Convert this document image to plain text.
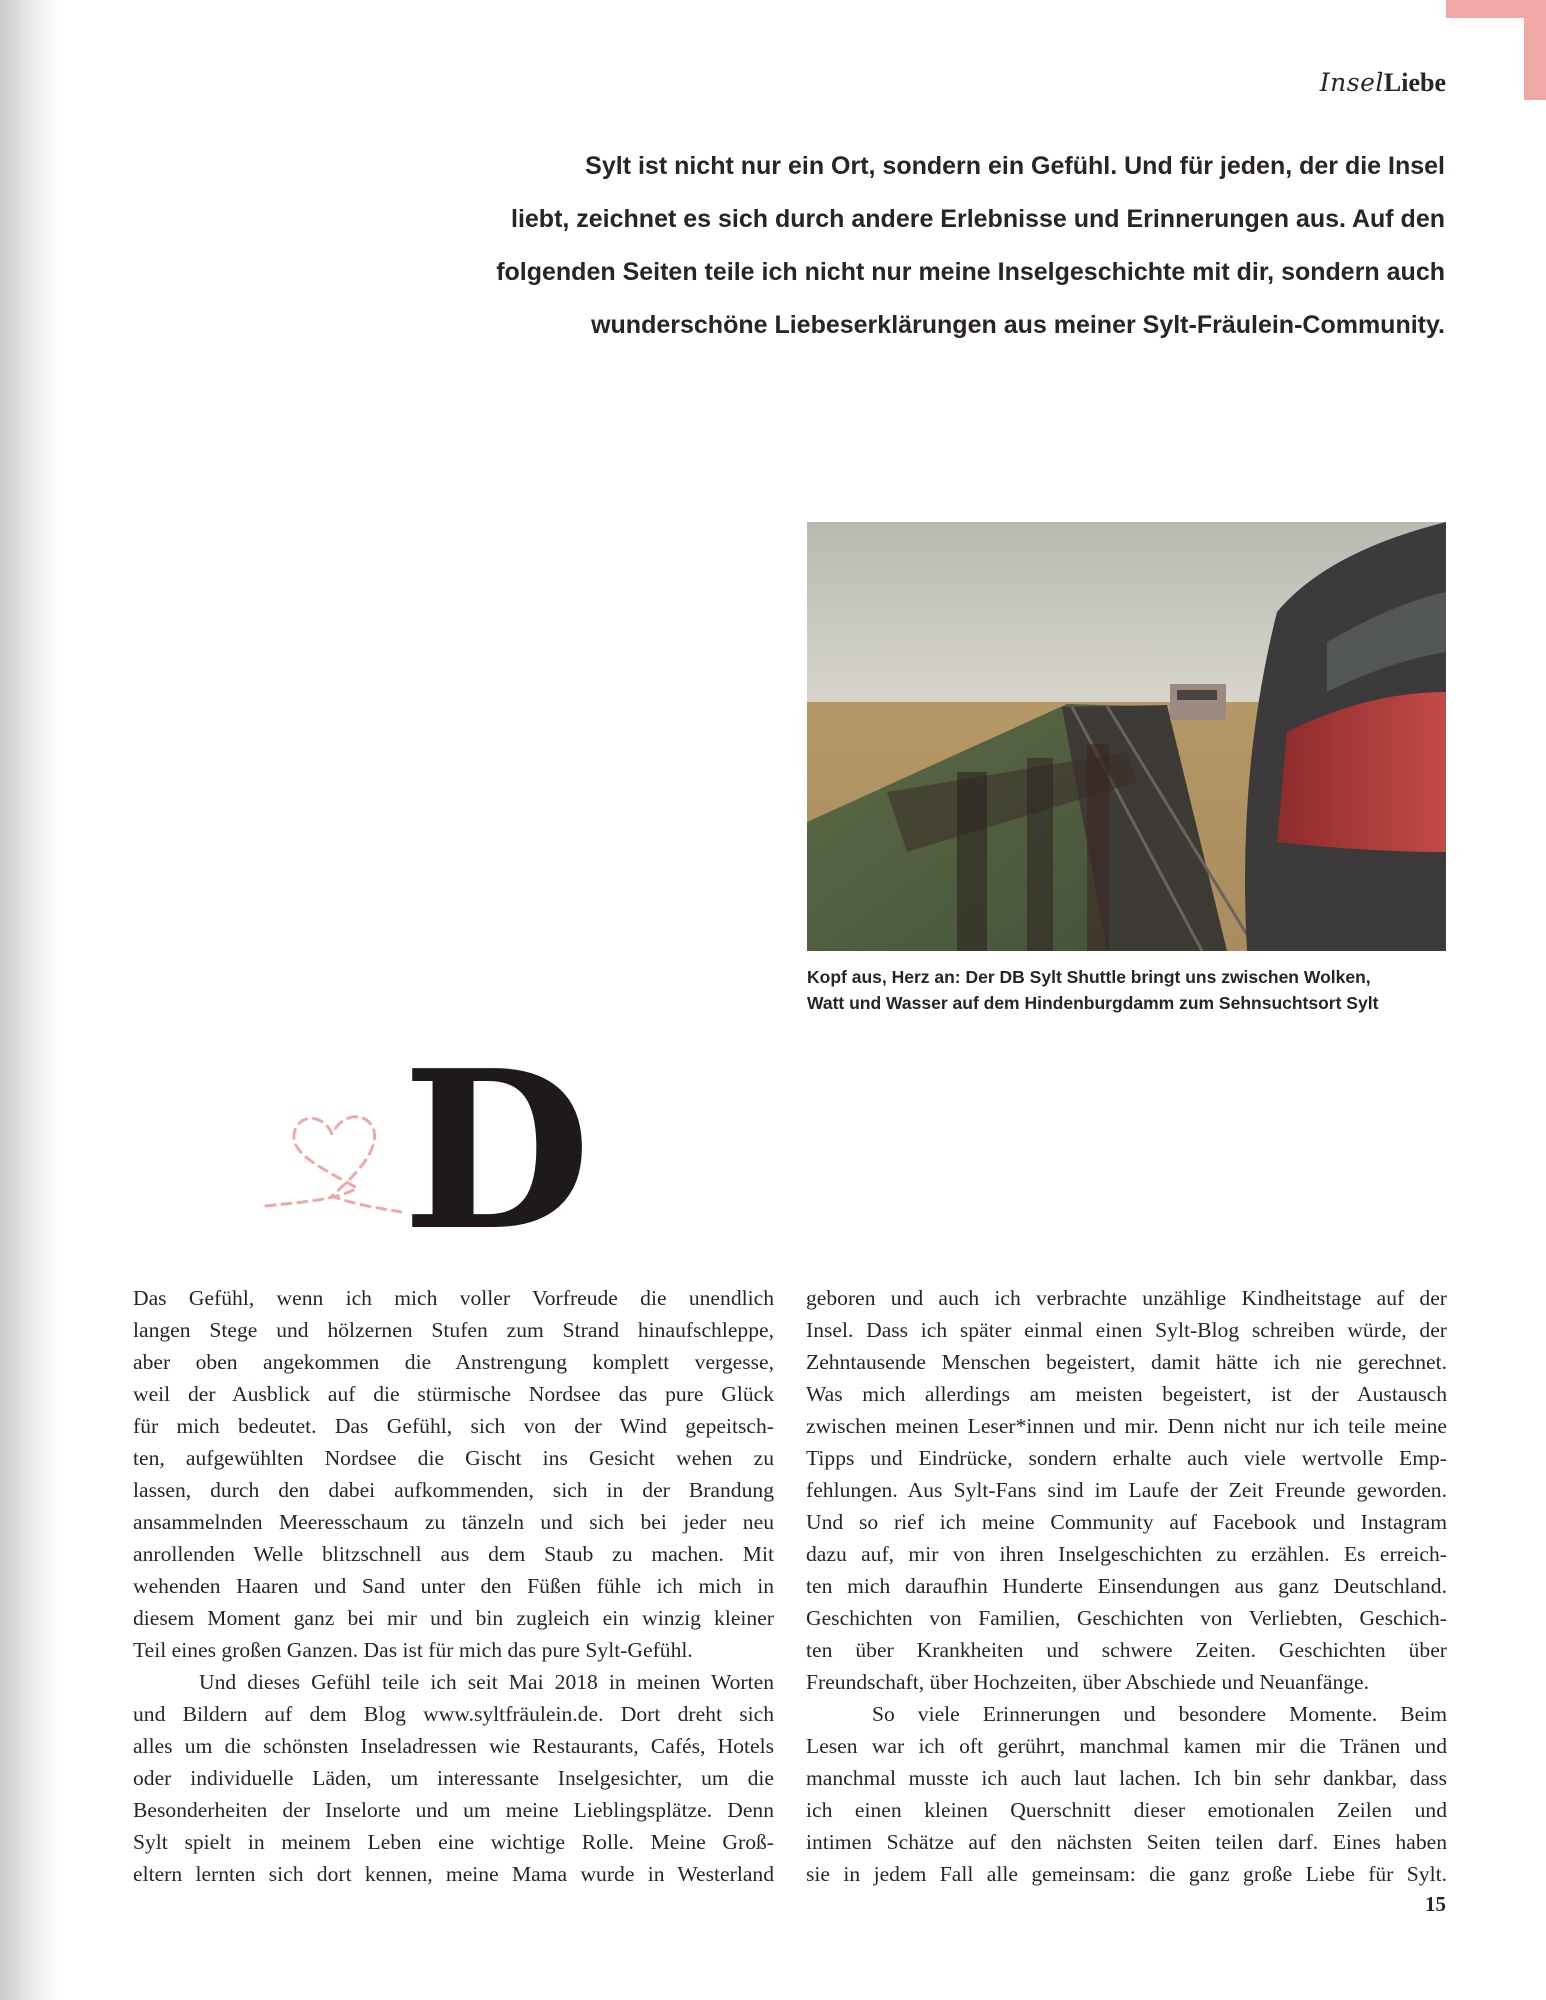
InselLiebe
Sylt ist nicht nur ein Ort, sondern ein Gefühl. Und für jeden, der die Insel
liebt, zeichnet es sich durch andere Erlebnisse und Erinnerungen aus. Auf den
folgenden Seiten teile ich nicht nur meine Inselgeschichte mit dir, sondern auch
wunderschöne Liebeserklärungen aus meiner Sylt-Fräulein-Community.
Kopf aus, Herz an: Der DB Sylt Shuttle bringt uns zwischen Wolken,
Watt und Wasser auf dem Hindenburgdamm zum Sehnsuchtsort Sylt
D
Das Gefühl, wenn ich mich voller Vorfreude die unendlich
langen Stege und hölzernen Stufen zum Strand hinaufschleppe,
aber oben angekommen die Anstrengung komplett vergesse,
weil der Ausblick auf die stürmische Nordsee das pure Glück
für mich bedeutet. Das Gefühl, sich von der Wind gepeitsch-
ten, aufgewühlten Nordsee die Gischt ins Gesicht wehen zu
lassen, durch den dabei aufkommenden, sich in der Brandung
ansammelnden Meeresschaum zu tänzeln und sich bei jeder neu
anrollenden Welle blitzschnell aus dem Staub zu machen. Mit
wehenden Haaren und Sand unter den Füßen fühle ich mich in
diesem Moment ganz bei mir und bin zugleich ein winzig kleiner
Teil eines großen Ganzen. Das ist für mich das pure Sylt-Gefühl.
Und dieses Gefühl teile ich seit Mai 2018 in meinen Worten
und Bildern auf dem Blog www.syltfräulein.de. Dort dreht sich
alles um die schönsten Inseladressen wie Restaurants, Cafés, Hotels
oder individuelle Läden, um interessante Inselgesichter, um die
Besonderheiten der Inselorte und um meine Lieblingsplätze. Denn
Sylt spielt in meinem Leben eine wichtige Rolle. Meine Groß-
eltern lernten sich dort kennen, meine Mama wurde in Westerland
geboren und auch ich verbrachte unzählige Kindheitstage auf der
Insel. Dass ich später einmal einen Sylt-Blog schreiben würde, der
Zehntausende Menschen begeistert, damit hätte ich nie gerechnet.
Was mich allerdings am meisten begeistert, ist der Austausch
zwischen meinen Leser*innen und mir. Denn nicht nur ich teile meine
Tipps und Eindrücke, sondern erhalte auch viele wertvolle Emp-
fehlungen. Aus Sylt-Fans sind im Laufe der Zeit Freunde geworden.
Und so rief ich meine Community auf Facebook und Instagram
dazu auf, mir von ihren Inselgeschichten zu erzählen. Es erreich-
ten mich daraufhin Hunderte Einsendungen aus ganz Deutschland.
Geschichten von Familien, Geschichten von Verliebten, Geschich-
ten über Krankheiten und schwere Zeiten. Geschichten über
Freundschaft, über Hochzeiten, über Abschiede und Neuanfänge.
So viele Erinnerungen und besondere Momente. Beim
Lesen war ich oft gerührt, manchmal kamen mir die Tränen und
manchmal musste ich auch laut lachen. Ich bin sehr dankbar, dass
ich einen kleinen Querschnitt dieser emotionalen Zeilen und
intimen Schätze auf den nächsten Seiten teilen darf. Eines haben
sie in jedem Fall alle gemeinsam: die ganz große Liebe für Sylt.
15
